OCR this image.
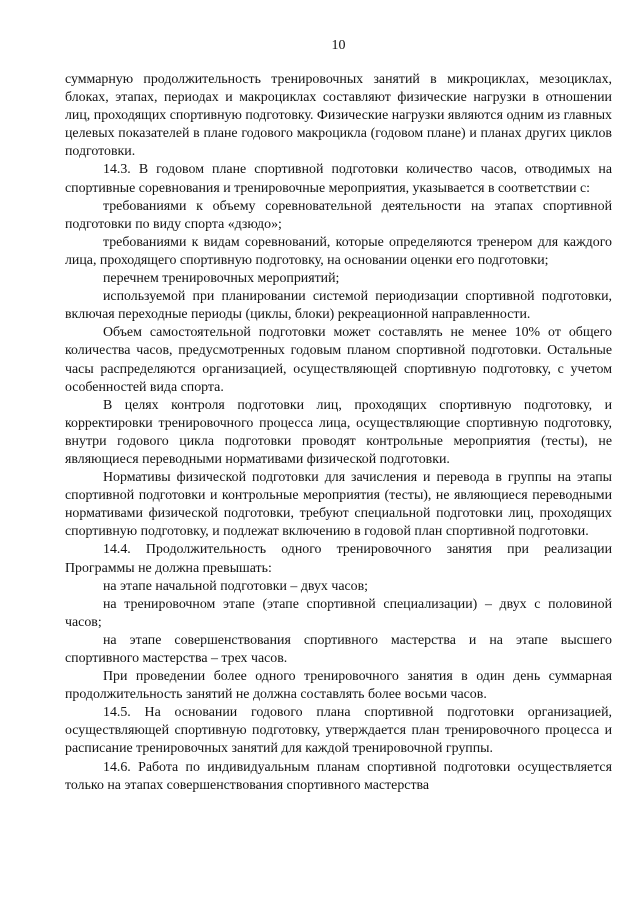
10

суммарную продолжительность тренировочных занятий в микроциклах, мезоциклах, блоках, этапах, периодах и макроциклах составляют физические нагрузки в отношении лиц, проходящих спортивную подготовку. Физические нагрузки являются одним из главных целевых показателей в плане годового макроцикла (годовом плане) и планах других циклов подготовки.

14.3. В годовом плане спортивной подготовки количество часов, отводимых на спортивные соревнования и тренировочные мероприятия, указывается в соответствии с:

требованиями к объему соревновательной деятельности на этапах спортивной подготовки по виду спорта «дзюдо»;

требованиями к видам соревнований, которые определяются тренером для каждого лица, проходящего спортивную подготовку, на основании оценки его подготовки;

перечнем тренировочных мероприятий;

используемой при планировании системой периодизации спортивной подготовки, включая переходные периоды (циклы, блоки) рекреационной направленности.

Объем самостоятельной подготовки может составлять не менее 10% от общего количества часов, предусмотренных годовым планом спортивной подготовки. Остальные часы распределяются организацией, осуществляющей спортивную подготовку, с учетом особенностей вида спорта.

В целях контроля подготовки лиц, проходящих спортивную подготовку, и корректировки тренировочного процесса лица, осуществляющие спортивную подготовку, внутри годового цикла подготовки проводят контрольные мероприятия (тесты), не являющиеся переводными нормативами физической подготовки.

Нормативы физической подготовки для зачисления и перевода в группы на этапы спортивной подготовки и контрольные мероприятия (тесты), не являющиеся переводными нормативами физической подготовки, требуют специальной подготовки лиц, проходящих спортивную подготовку, и подлежат включению в годовой план спортивной подготовки.

14.4. Продолжительность одного тренировочного занятия при реализации Программы не должна превышать:

на этапе начальной подготовки – двух часов;

на тренировочном этапе (этапе спортивной специализации) – двух с половиной часов;

на этапе совершенствования спортивного мастерства и на этапе высшего спортивного мастерства – трех часов.

При проведении более одного тренировочного занятия в один день суммарная продолжительность занятий не должна составлять более восьми часов.

14.5. На основании годового плана спортивной подготовки организацией, осуществляющей спортивную подготовку, утверждается план тренировочного процесса и расписание тренировочных занятий для каждой тренировочной группы.

14.6. Работа по индивидуальным планам спортивной подготовки осуществляется только на этапах совершенствования спортивного мастерства
